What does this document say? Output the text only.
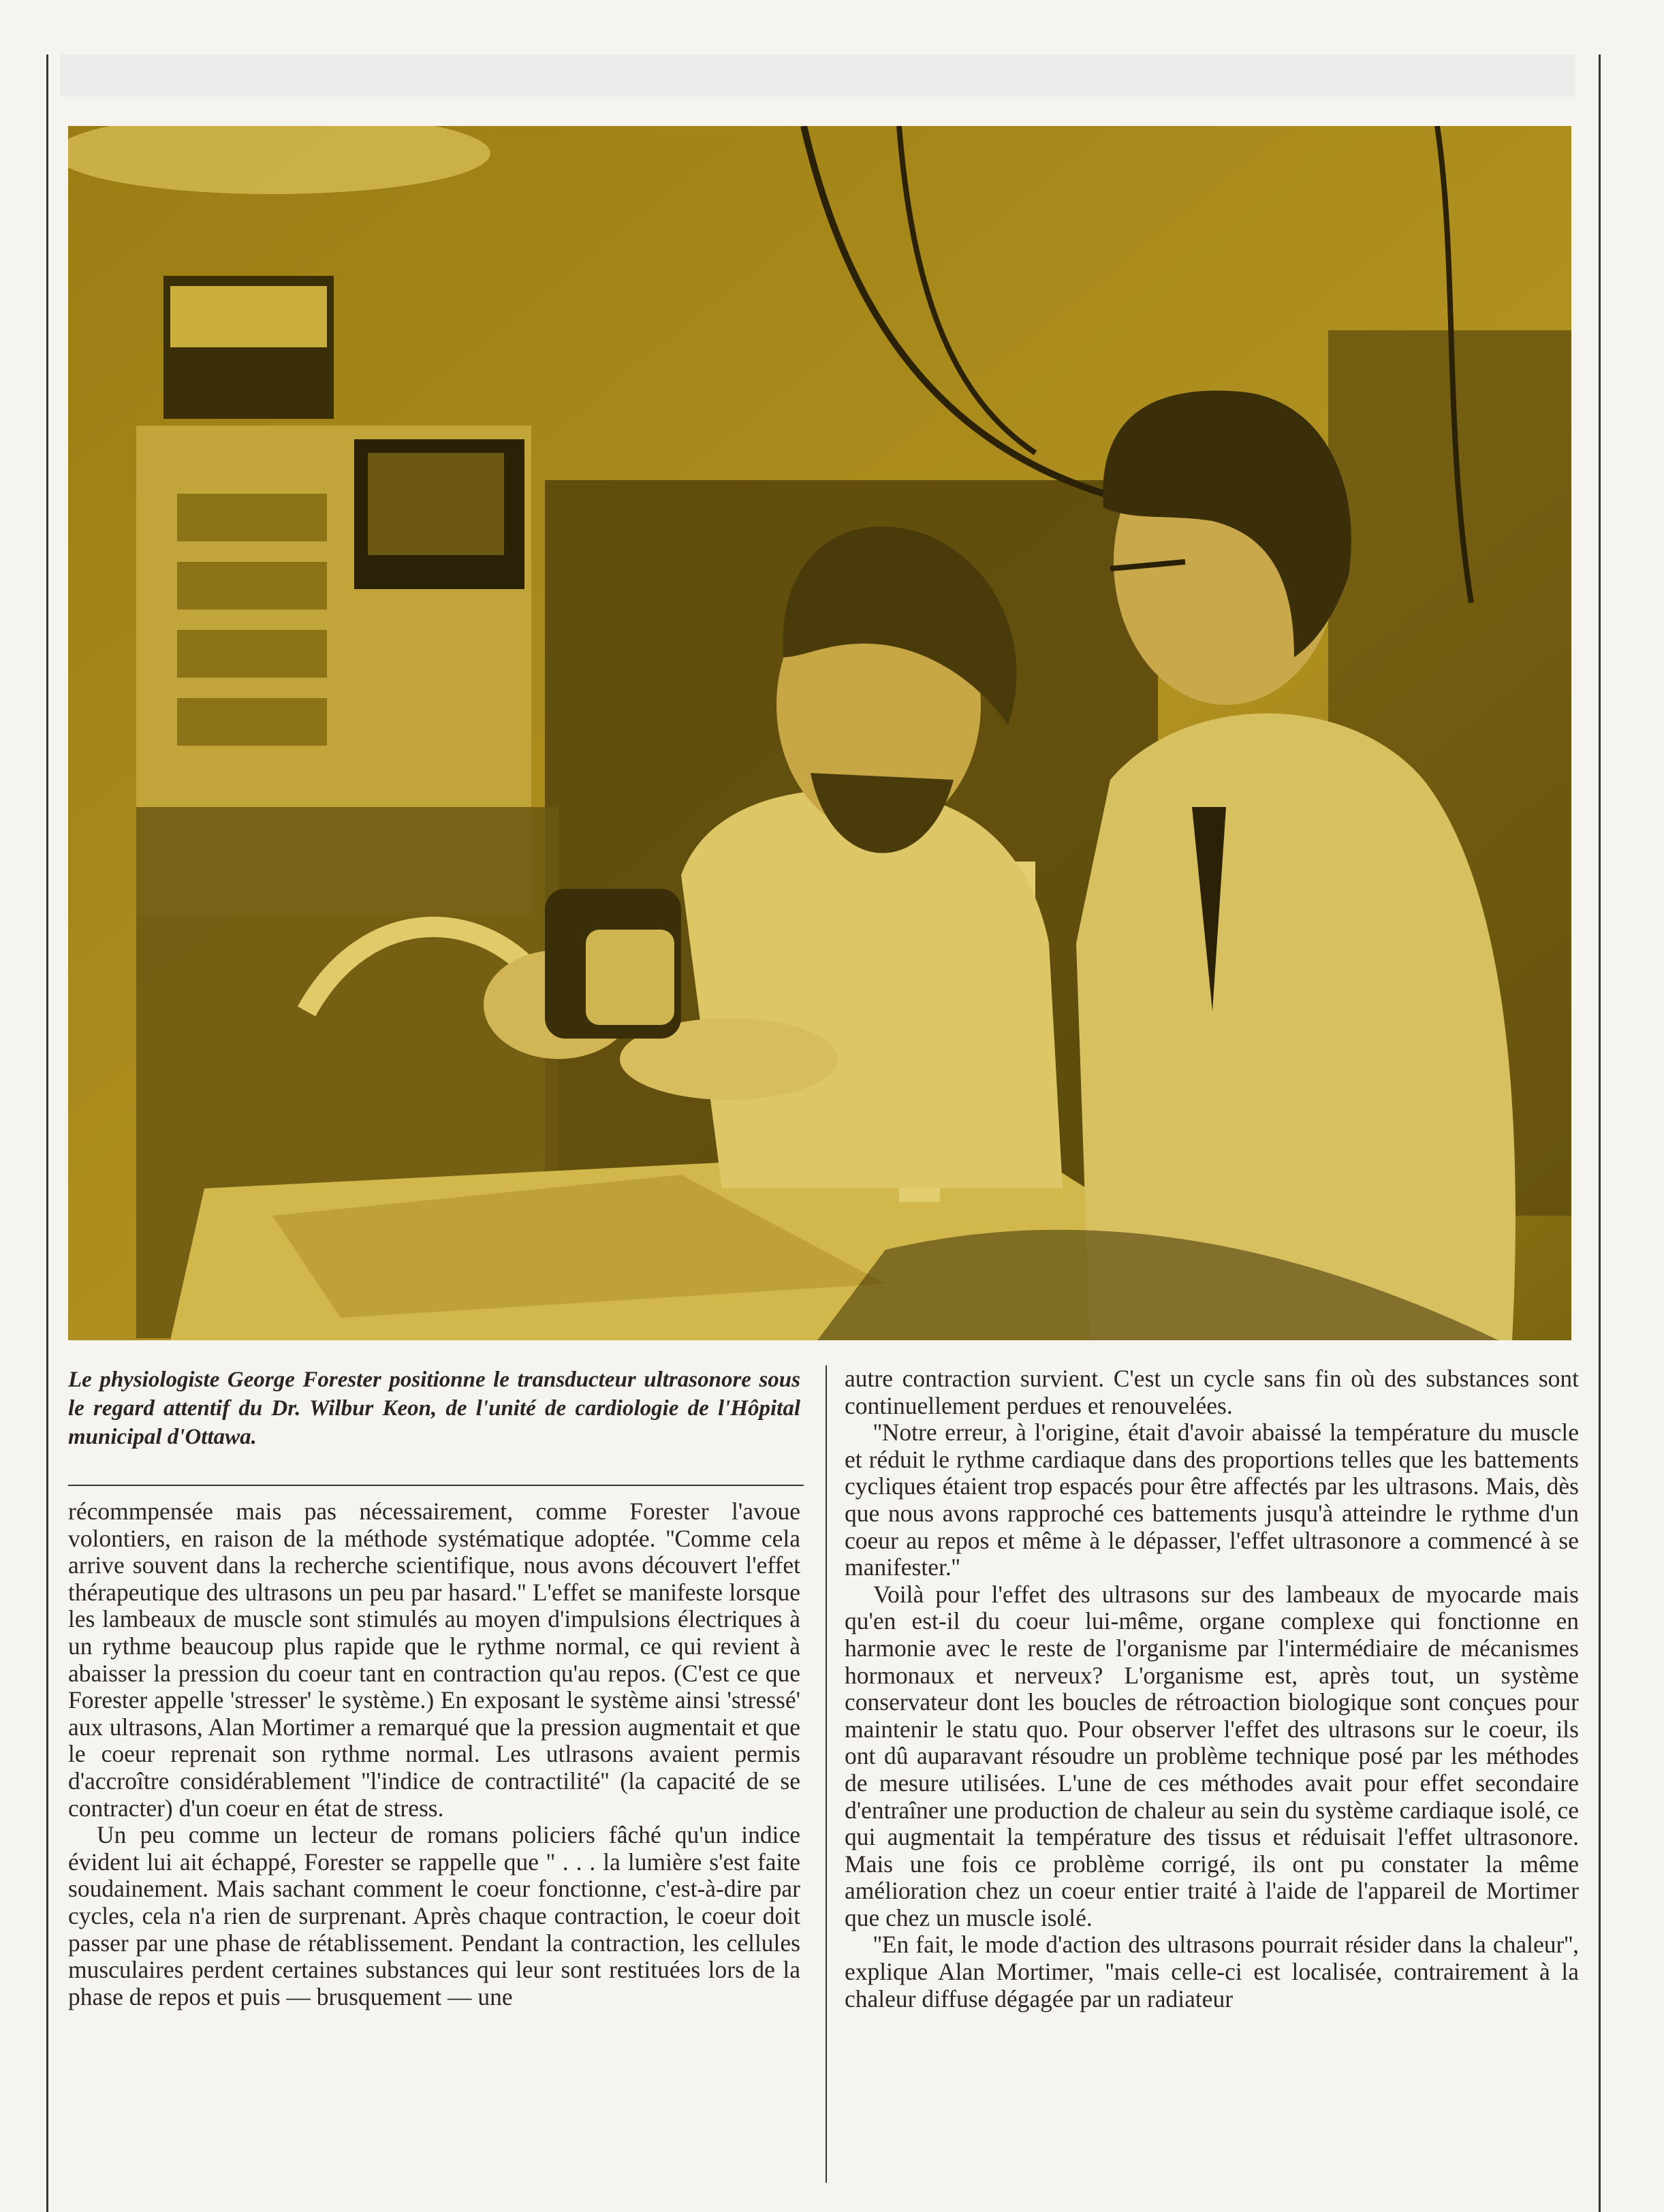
Le physiologiste George Forester positionne le transducteur ultrasonore sous le regard attentif du Dr. Wilbur Keon, de l'unité de cardiologie de l'Hôpital municipal d'Ottawa.

récommpensée mais pas nécessairement, comme Forester l'avoue volontiers, en raison de la méthode systématique adoptée. ''Comme cela arrive souvent dans la recherche scientifique, nous avons découvert l'effet thérapeutique des ultrasons un peu par hasard.'' L'effet se manifeste lorsque les lambeaux de muscle sont stimulés au moyen d'impulsions électriques à un rythme beaucoup plus rapide que le rythme normal, ce qui revient à abaisser la pression du coeur tant en contraction qu'au repos. (C'est ce que Forester appelle 'stresser' le système.) En exposant le système ainsi 'stressé' aux ultrasons, Alan Mortimer a remarqué que la pression augmentait et que le coeur reprenait son rythme normal. Les utlrasons avaient permis d'accroître considérablement ''l'indice de contractilité'' (la capacité de se contracter) d'un coeur en état de stress.

Un peu comme un lecteur de romans policiers fâché qu'un indice évident lui ait échappé, Forester se rappelle que '' . . . la lumière s'est faite soudainement. Mais sachant comment le coeur fonctionne, c'est-à-dire par cycles, cela n'a rien de surprenant. Après chaque contraction, le coeur doit passer par une phase de rétablissement. Pendant la contraction, les cellules musculaires perdent certaines substances qui leur sont restituées lors de la phase de repos et puis — brusquement — une

autre contraction survient. C'est un cycle sans fin où des substances sont continuellement perdues et renouvelées.

''Notre erreur, à l'origine, était d'avoir abaissé la température du muscle et réduit le rythme cardiaque dans des proportions telles que les battements cycliques étaient trop espacés pour être affectés par les ultrasons. Mais, dès que nous avons rapproché ces battements jusqu'à atteindre le rythme d'un coeur au repos et même à le dépasser, l'effet ultrasonore a commencé à se manifester.''

Voilà pour l'effet des ultrasons sur des lambeaux de myocarde mais qu'en est-il du coeur lui-même, organe complexe qui fonctionne en harmonie avec le reste de l'organisme par l'intermédiaire de mécanismes hormonaux et nerveux? L'organisme est, après tout, un système conservateur dont les boucles de rétroaction biologique sont conçues pour maintenir le statu quo. Pour observer l'effet des ultrasons sur le coeur, ils ont dû auparavant résoudre un problème technique posé par les méthodes de mesure utilisées. L'une de ces méthodes avait pour effet secondaire d'entraîner une production de chaleur au sein du système cardiaque isolé, ce qui augmentait la température des tissus et réduisait l'effet ultrasonore. Mais une fois ce problème corrigé, ils ont pu constater la même amélioration chez un coeur entier traité à l'aide de l'appareil de Mortimer que chez un muscle isolé.

''En fait, le mode d'action des ultrasons pourrait résider dans la chaleur'', explique Alan Mortimer, ''mais celle-ci est localisée, contrairement à la chaleur diffuse dégagée par un radiateur
